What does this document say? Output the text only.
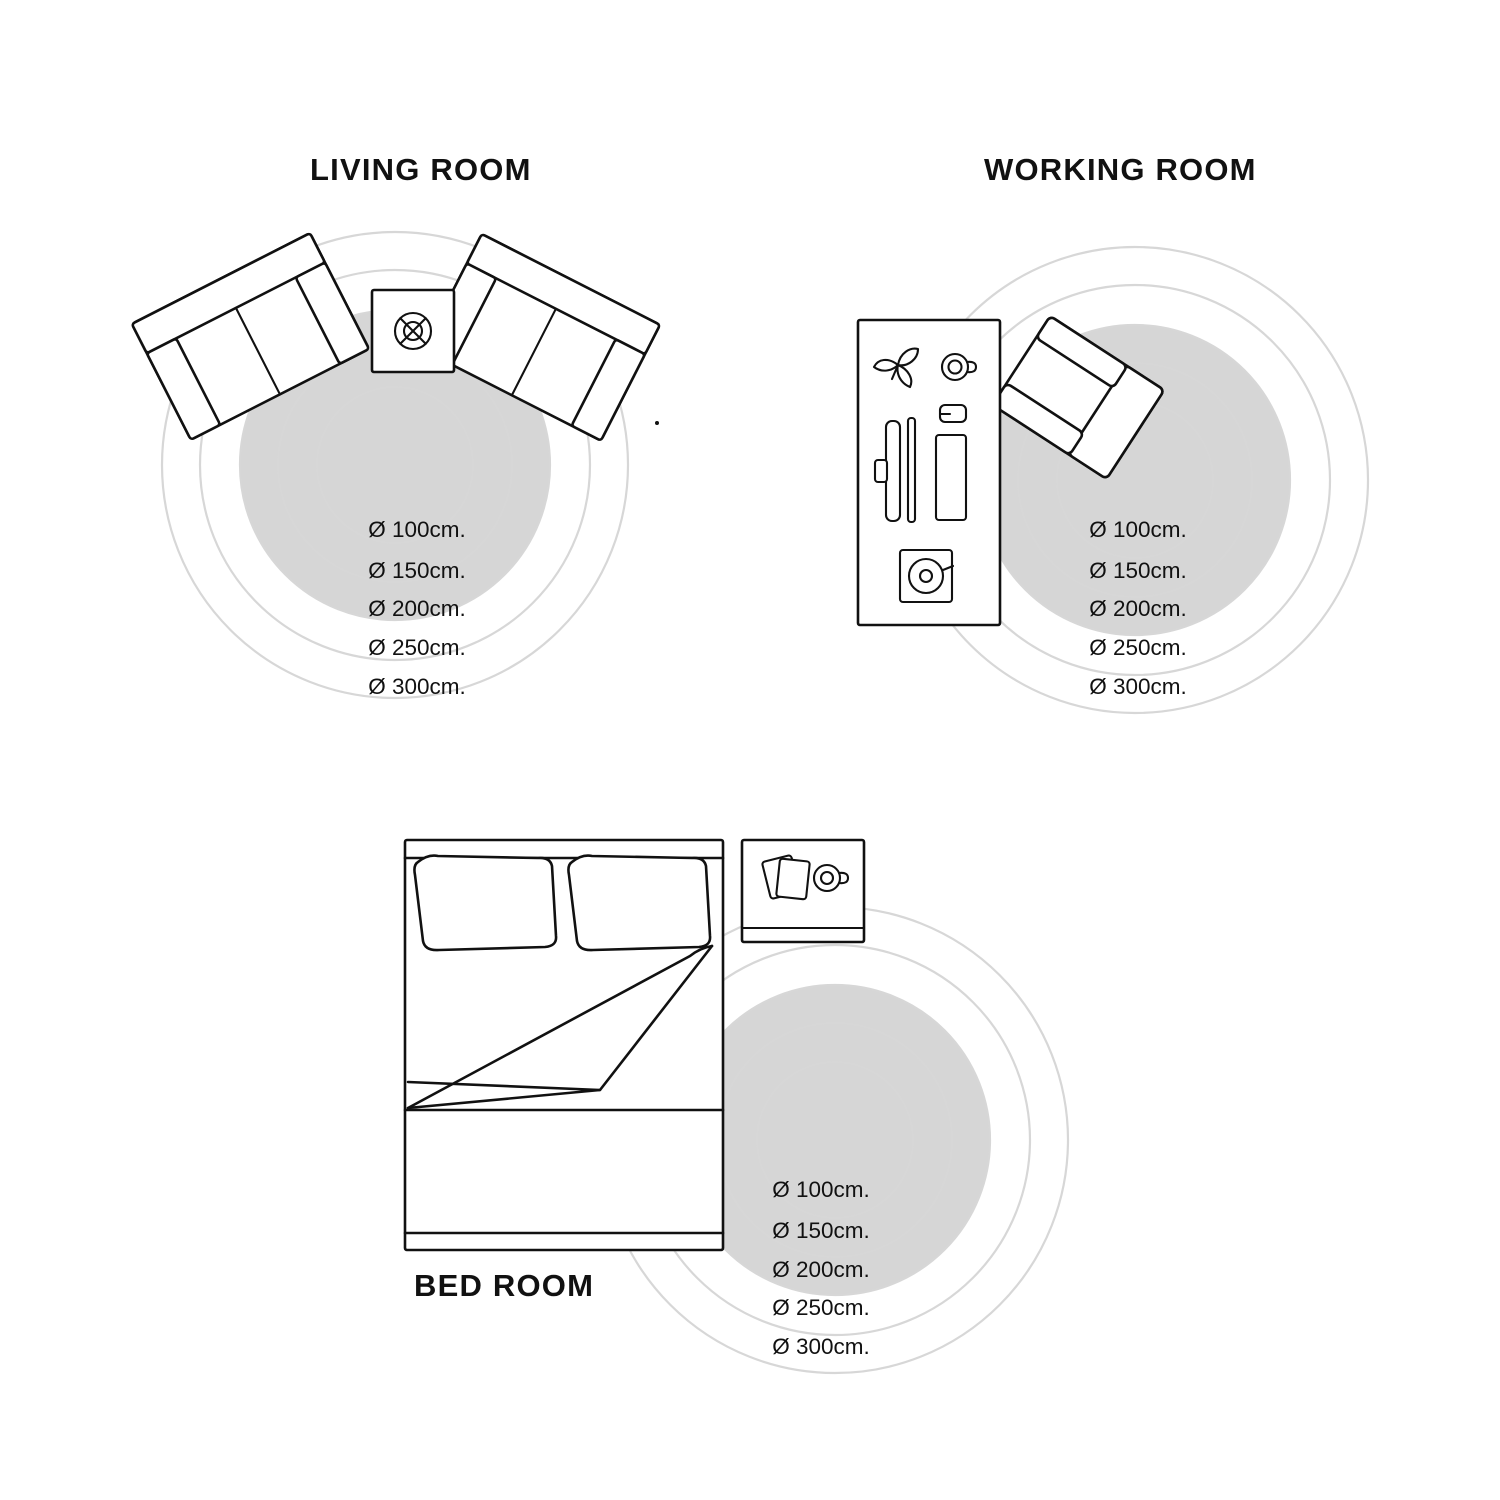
LIVING ROOM
Ø 100cm.
Ø 150cm.
Ø 200cm.
Ø 250cm.
Ø 300cm.
WORKING ROOM
Ø 100cm.
Ø 150cm.
Ø 200cm.
Ø 250cm.
Ø 300cm.
BED ROOM
Ø 100cm.
Ø 150cm.
Ø 200cm.
Ø 250cm.
Ø 300cm.
